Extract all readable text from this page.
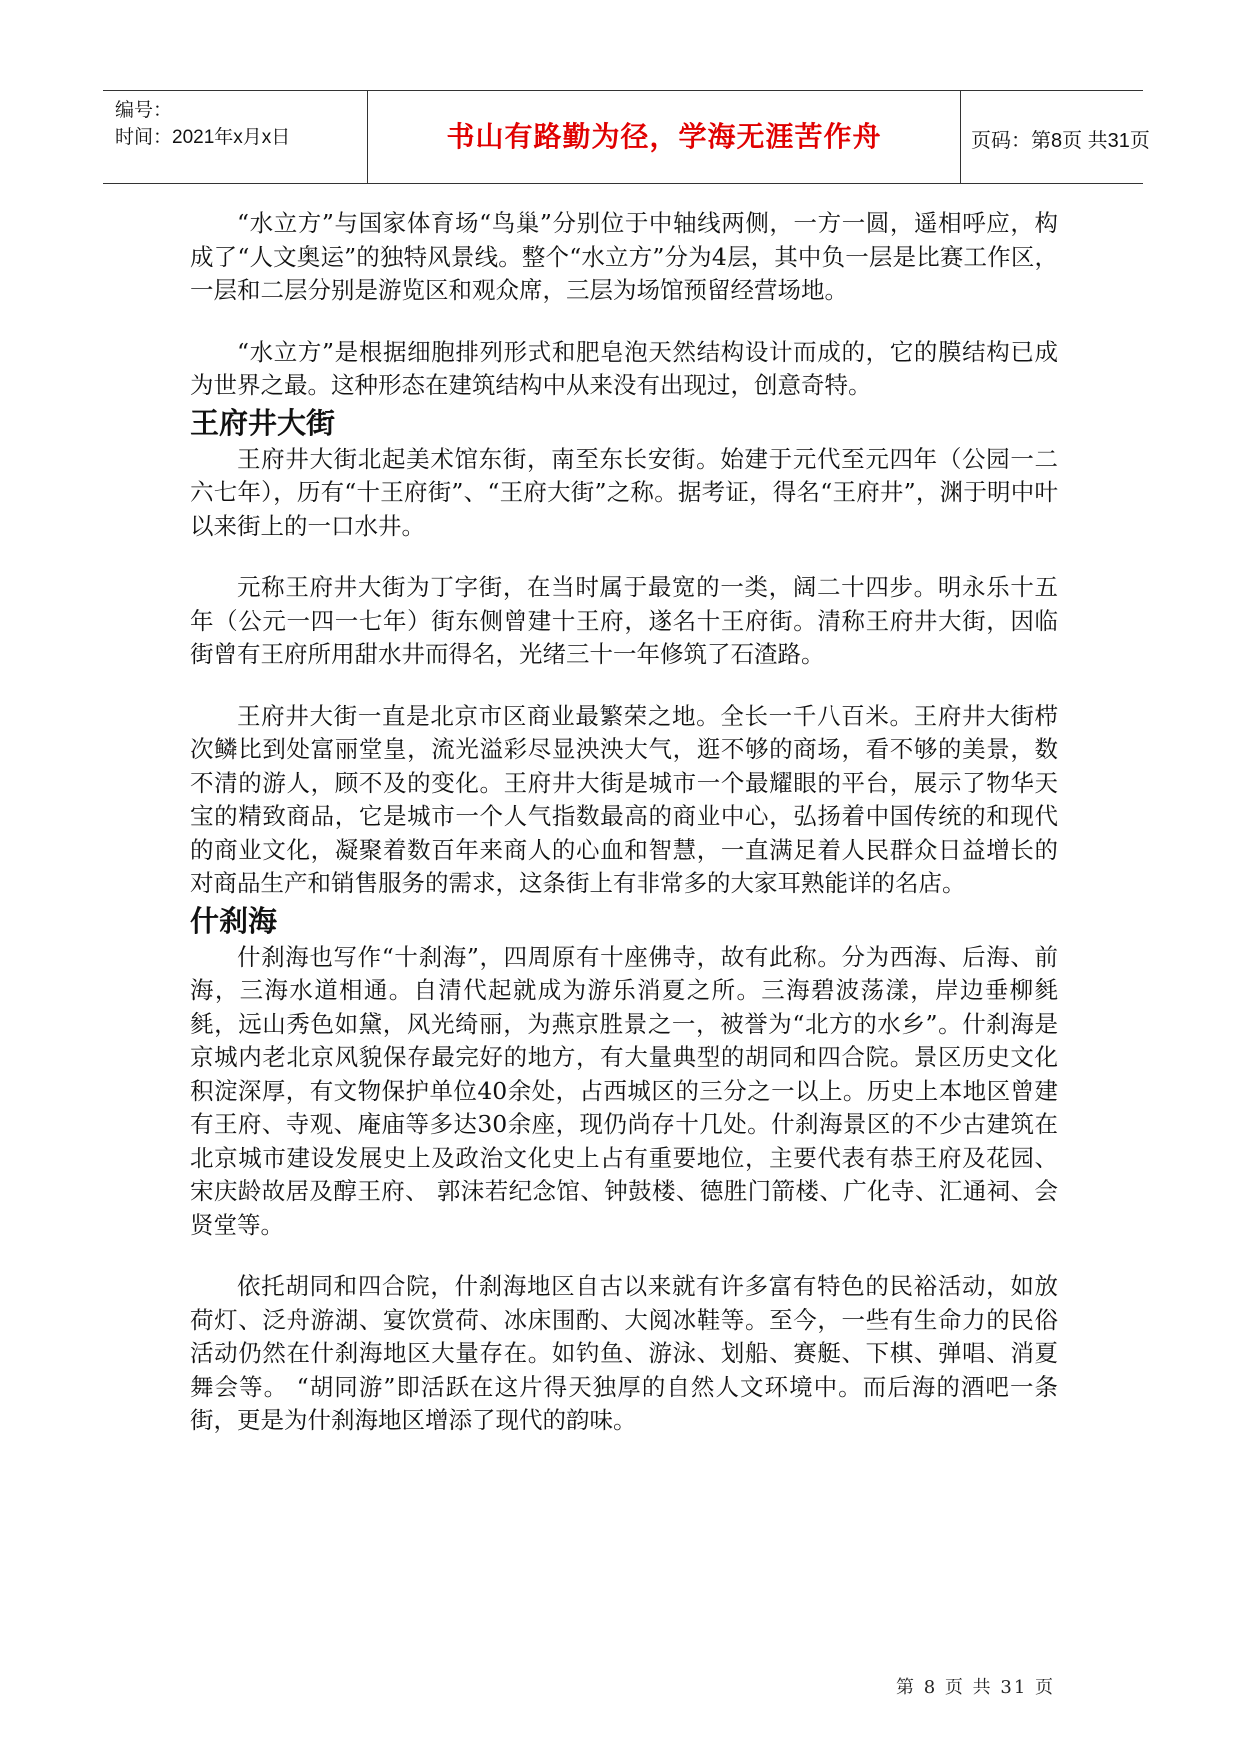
编号：
时间：2021年x月x日	书山有路勤为径，学海无涯苦作舟	页码：第8页 共31页

“水立方”与国家体育场“鸟巢”分别位于中轴线两侧，一方一圆，遥相呼应，构成了“人文奥运”的独特风景线。整个“水立方”分为4层，其中负一层是比赛工作区，一层和二层分别是游览区和观众席，三层为场馆预留经营场地。

“水立方”是根据细胞排列形式和肥皂泡天然结构设计而成的，它的膜结构已成为世界之最。这种形态在建筑结构中从来没有出现过，创意奇特。

王府井大街

王府井大街北起美术馆东街，南至东长安街。始建于元代至元四年（公园一二六七年），历有“十王府街”、“王府大街”之称。据考证，得名“王府井”，渊于明中叶以来街上的一口水井。

元称王府井大街为丁字街，在当时属于最宽的一类，阔二十四步。明永乐十五年（公元一四一七年）街东侧曾建十王府，遂名十王府街。清称王府井大街，因临街曾有王府所用甜水井而得名，光绪三十一年修筑了石渣路。

王府井大街一直是北京市区商业最繁荣之地。全长一千八百米。王府井大街栉次鳞比到处富丽堂皇，流光溢彩尽显泱泱大气，逛不够的商场，看不够的美景，数不清的游人，顾不及的变化。王府井大街是城市一个最耀眼的平台，展示了物华天宝的精致商品，它是城市一个人气指数最高的商业中心，弘扬着中国传统的和现代的商业文化，凝聚着数百年来商人的心血和智慧，一直满足着人民群众日益增长的对商品生产和销售服务的需求，这条街上有非常多的大家耳熟能详的名店。

什刹海

什刹海也写作“十刹海”，四周原有十座佛寺，故有此称。分为西海、后海、前海，三海水道相通。自清代起就成为游乐消夏之所。三海碧波荡漾，岸边垂柳毵毵，远山秀色如黛，风光绮丽，为燕京胜景之一，被誉为“北方的水乡”。什刹海是京城内老北京风貌保存最完好的地方，有大量典型的胡同和四合院。景区历史文化积淀深厚，有文物保护单位40余处，占西城区的三分之一以上。历史上本地区曾建有王府、寺观、庵庙等多达30余座，现仍尚存十几处。什刹海景区的不少古建筑在北京城市建设发展史上及政治文化史上占有重要地位，主要代表有恭王府及花园、宋庆龄故居及醇王府、 郭沫若纪念馆、钟鼓楼、德胜门箭楼、广化寺、汇通祠、会贤堂等。

依托胡同和四合院，什刹海地区自古以来就有许多富有特色的民裕活动，如放荷灯、泛舟游湖、宴饮赏荷、冰床围酌、大阅冰鞋等。至今，一些有生命力的民俗活动仍然在什刹海地区大量存在。如钓鱼、游泳、划船、赛艇、下棋、弹唱、消夏舞会等。 “胡同游”即活跃在这片得天独厚的自然人文环境中。而后海的酒吧一条街，更是为什刹海地区增添了现代的韵味。

第 8 页 共 31 页
